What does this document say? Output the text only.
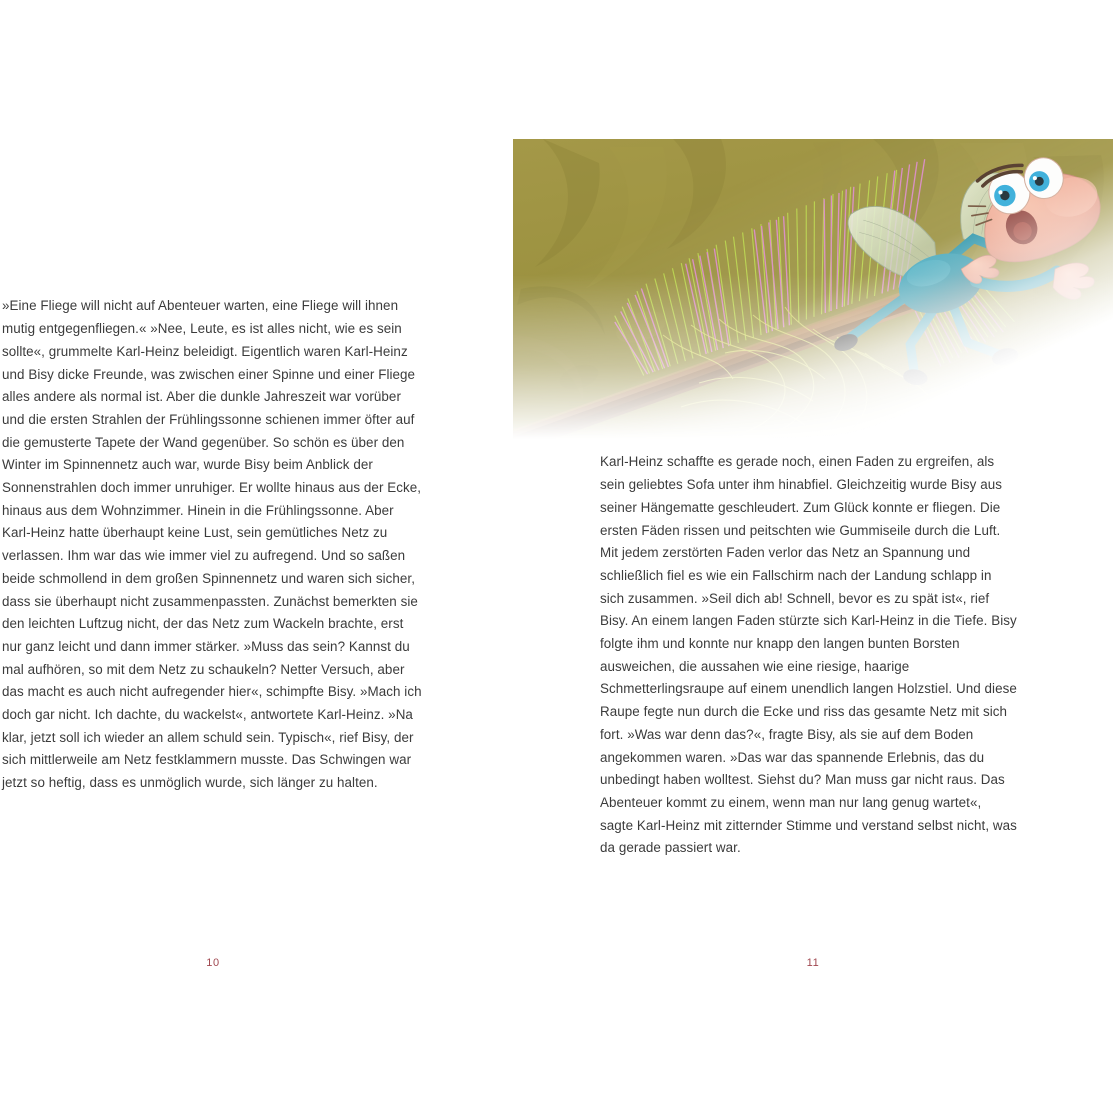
»Eine Fliege will nicht auf Abenteuer warten, eine Fliege will ihnen mutig entgegenfliegen.« »Nee, Leute, es ist alles nicht, wie es sein sollte«, grummelte Karl-Heinz beleidigt. Eigentlich waren Karl-Heinz und Bisy dicke Freunde, was zwischen einer Spinne und einer Fliege alles andere als normal ist. Aber die dunkle Jahreszeit war vorüber und die ersten Strahlen der Frühlingssonne schienen immer öfter auf die gemusterte Tapete der Wand gegenüber. So schön es über den Winter im Spinnennetz auch war, wurde Bisy beim Anblick der Sonnenstrahlen doch immer unruhiger. Er wollte hinaus aus der Ecke, hinaus aus dem Wohnzimmer. Hinein in die Frühlingssonne. Aber Karl-Heinz hatte überhaupt keine Lust, sein gemütliches Netz zu verlassen. Ihm war das wie immer viel zu aufregend. Und so saßen beide schmollend in dem großen Spinnennetz und waren sich sicher, dass sie überhaupt nicht zusammenpassten. Zunächst bemerkten sie den leichten Luftzug nicht, der das Netz zum Wackeln brachte, erst nur ganz leicht und dann immer stärker. »Muss das sein? Kannst du mal aufhören, so mit dem Netz zu schaukeln? Netter Versuch, aber das macht es auch nicht aufregender hier«, schimpfte Bisy. »Mach ich doch gar nicht. Ich dachte, du wackelst«, antwortete Karl-Heinz. »Na klar, jetzt soll ich wieder an allem schuld sein. Typisch«, rief Bisy, der sich mittlerweile am Netz festklammern musste. Das Schwingen war jetzt so heftig, dass es unmöglich wurde, sich länger zu halten.

10

Karl-Heinz schaffte es gerade noch, einen Faden zu ergreifen, als sein geliebtes Sofa unter ihm hinabfiel. Gleichzeitig wurde Bisy aus seiner Hängematte geschleudert. Zum Glück konnte er fliegen. Die ersten Fäden rissen und peitschten wie Gummiseile durch die Luft. Mit jedem zerstörten Faden verlor das Netz an Spannung und schließlich fiel es wie ein Fallschirm nach der Landung schlapp in sich zusammen. »Seil dich ab! Schnell, bevor es zu spät ist«, rief Bisy. An einem langen Faden stürzte sich Karl-Heinz in die Tiefe. Bisy folgte ihm und konnte nur knapp den langen bunten Borsten ausweichen, die aussahen wie eine riesige, haarige Schmetterlingsraupe auf einem unendlich langen Holzstiel. Und diese Raupe fegte nun durch die Ecke und riss das gesamte Netz mit sich fort. »Was war denn das?«, fragte Bisy, als sie auf dem Boden angekommen waren. »Das war das spannende Erlebnis, das du unbedingt haben wolltest. Siehst du? Man muss gar nicht raus. Das Abenteuer kommt zu einem, wenn man nur lang genug wartet«, sagte Karl-Heinz mit zitternder Stimme und verstand selbst nicht, was da gerade passiert war.

11
